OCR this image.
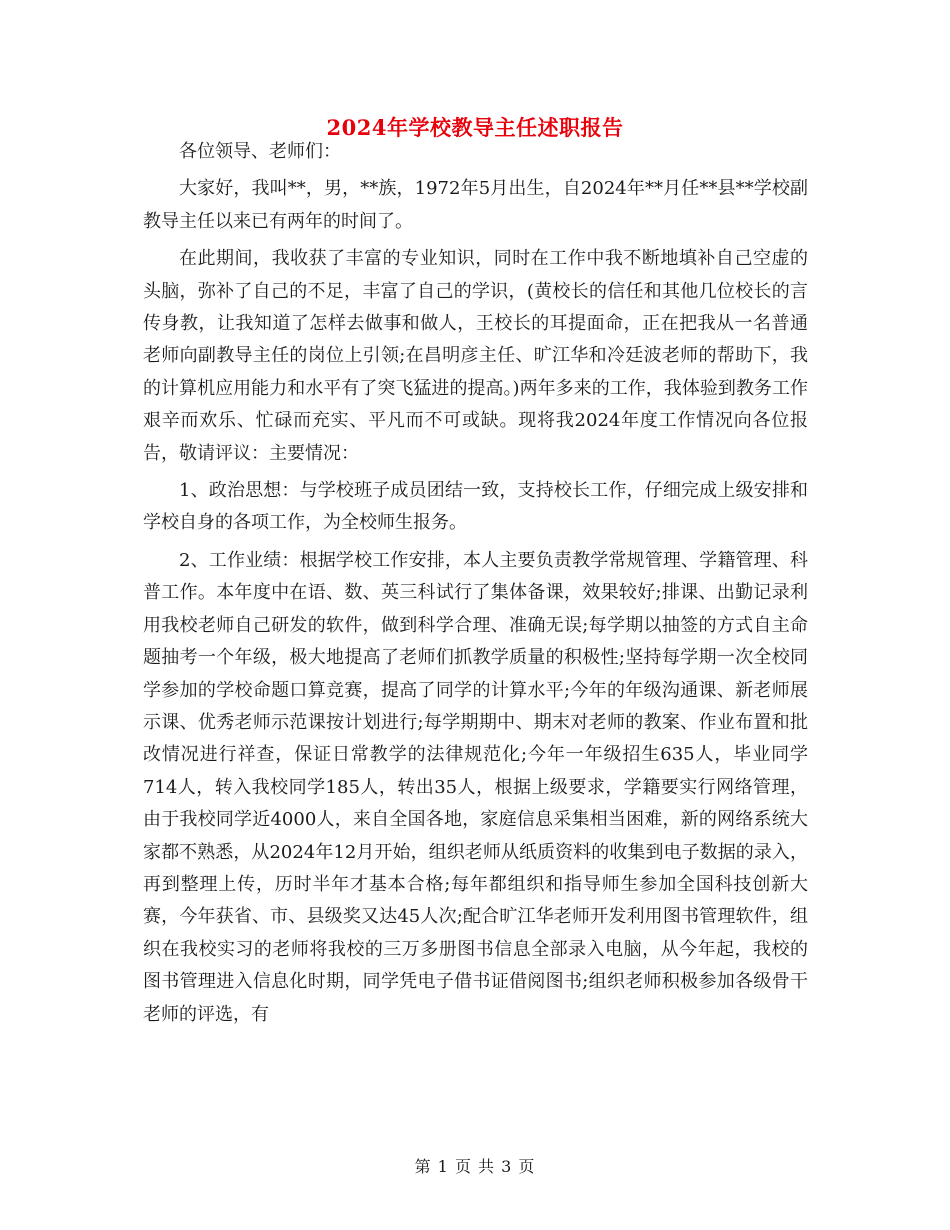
2024年学校教导主任述职报告

各位领导、老师们：

大家好，我叫**，男，**族，1972年5月出生，自2024年**月任**县**学校副教导主任以来已有两年的时间了。

在此期间，我收获了丰富的专业知识，同时在工作中我不断地填补自己空虚的头脑，弥补了自己的不足，丰富了自己的学识，(黄校长的信任和其他几位校长的言传身教，让我知道了怎样去做事和做人，王校长的耳提面命，正在把我从一名普通老师向副教导主任的岗位上引领;在昌明彦主任、旷江华和冷廷波老师的帮助下，我的计算机应用能力和水平有了突飞猛进的提高。)两年多来的工作，我体验到教务工作艰辛而欢乐、忙碌而充实、平凡而不可或缺。现将我2024年度工作情况向各位报告，敬请评议：主要情况：

1、政治思想：与学校班子成员团结一致，支持校长工作，仔细完成上级安排和学校自身的各项工作，为全校师生报务。

2、工作业绩：根据学校工作安排，本人主要负责教学常规管理、学籍管理、科普工作。本年度中在语、数、英三科试行了集体备课，效果较好;排课、出勤记录利用我校老师自己研发的软件，做到科学合理、准确无误;每学期以抽签的方式自主命题抽考一个年级，极大地提高了老师们抓教学质量的积极性;坚持每学期一次全校同学参加的学校命题口算竞赛，提高了同学的计算水平;今年的年级沟通课、新老师展示课、优秀老师示范课按计划进行;每学期期中、期末对老师的教案、作业布置和批改情况进行祥查，保证日常教学的法律规范化;今年一年级招生635人，毕业同学714人，转入我校同学185人，转出35人，根据上级要求，学籍要实行网络管理，由于我校同学近4000人，来自全国各地，家庭信息采集相当困难，新的网络系统大家都不熟悉，从2024年12月开始，组织老师从纸质资料的收集到电子数据的录入，再到整理上传，历时半年才基本合格;每年都组织和指导师生参加全国科技创新大赛，今年获省、市、县级奖又达45人次;配合旷江华老师开发利用图书管理软件，组织在我校实习的老师将我校的三万多册图书信息全部录入电脑，从今年起，我校的图书管理进入信息化时期，同学凭电子借书证借阅图书;组织老师积极参加各级骨干老师的评选，有

第 1 页 共 3 页
